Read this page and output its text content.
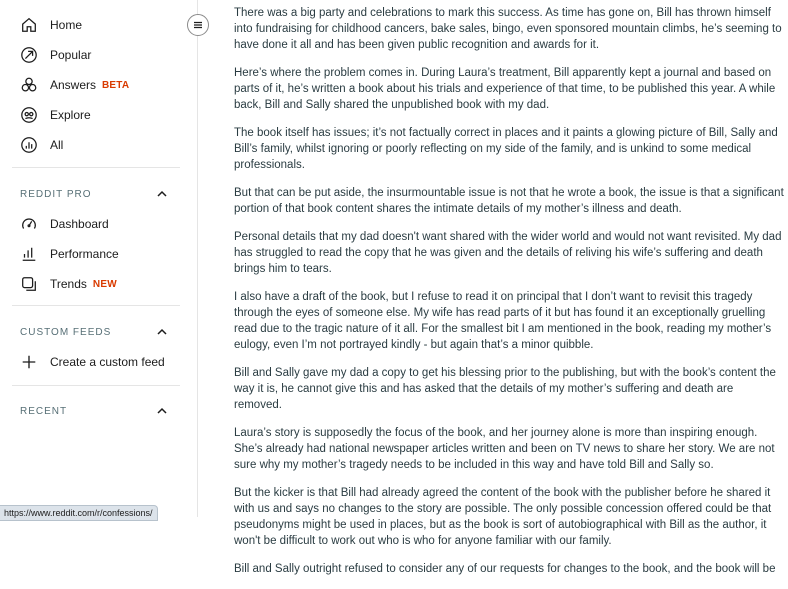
Home
Popular
Answers BETA
Explore
All
REDDIT PRO
Dashboard
Performance
Trends NEW
CUSTOM FEEDS
Create a custom feed
RECENT

There was a big party and celebrations to mark this success. As time has gone on, Bill has thrown himself into fundraising for childhood cancers, bake sales, bingo, even sponsored mountain climbs, he’s seeming to have done it all and has been given public recognition and awards for it.

Here’s where the problem comes in. During Laura’s treatment, Bill apparently kept a journal and based on parts of it, he’s written a book about his trials and experience of that time, to be published this year. A while back, Bill and Sally shared the unpublished book with my dad.

The book itself has issues; it’s not factually correct in places and it paints a glowing picture of Bill, Sally and Bill’s family, whilst ignoring or poorly reflecting on my side of the family, and is unkind to some medical professionals.

But that can be put aside, the insurmountable issue is not that he wrote a book, the issue is that a significant portion of that book content shares the intimate details of my mother’s illness and death.

Personal details that my dad doesn't want shared with the wider world and would not want revisited. My dad has struggled to read the copy that he was given and the details of reliving his wife’s suffering and death brings him to tears.

I also have a draft of the book, but I refuse to read it on principal that I don’t want to revisit this tragedy through the eyes of someone else. My wife has read parts of it but has found it an exceptionally gruelling read due to the tragic nature of it all. For the smallest bit I am mentioned in the book, reading my mother’s eulogy, even I’m not portrayed kindly - but again that’s a minor quibble.

Bill and Sally gave my dad a copy to get his blessing prior to the publishing, but with the book’s content the way it is, he cannot give this and has asked that the details of my mother’s suffering and death are removed.

Laura’s story is supposedly the focus of the book, and her journey alone is more than inspiring enough. She’s already had national newspaper articles written and been on TV news to share her story. We are not sure why my mother’s tragedy needs to be included in this way and have told Bill and Sally so.

But the kicker is that Bill had already agreed the content of the book with the publisher before he shared it with us and says no changes to the story are possible. The only possible concession offered could be that pseudonyms might be used in places, but as the book is sort of autobiographical with Bill as the author, it won't be difficult to work out who is who for anyone familiar with our family.

Bill and Sally outright refused to consider any of our requests for changes to the book, and the book will be

https://www.reddit.com/r/confessions/
